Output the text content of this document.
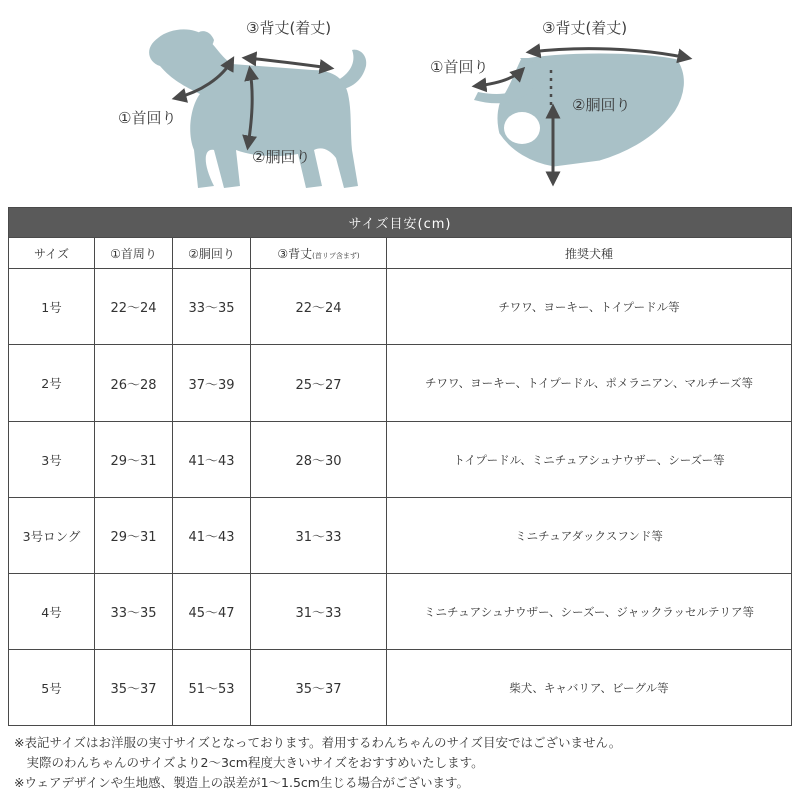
③背丈(着丈)
①首回り
②胴回り
③背丈(着丈)
①首回り
②胴回り
サイズ目安(cm)				
サイズ	①首周り	②胴回り	③背丈(首リブ含まず)	推奨犬種
1号	22～24	33～35	22～24	チワワ、ヨーキー、トイプードル等
2号	26～28	37～39	25～27	チワワ、ヨーキー、トイプードル、ポメラニアン、マルチーズ等
3号	29～31	41～43	28～30	トイプードル、ミニチュアシュナウザー、シーズー等
3号ロング	29～31	41～43	31～33	ミニチュアダックスフンド等
4号	33～35	45～47	31～33	ミニチュアシュナウザー、シーズー、ジャックラッセルテリア等
5号	35～37	51～53	35～37	柴犬、キャバリア、ビーグル等
※表記サイズはお洋服の実寸サイズとなっております。着用するわんちゃんのサイズ目安ではございません。
　実際のわんちゃんのサイズより2～3cm程度大きいサイズをおすすめいたします。
※ウェアデザインや生地感、製造上の誤差が1～1.5cm生じる場合がございます。
